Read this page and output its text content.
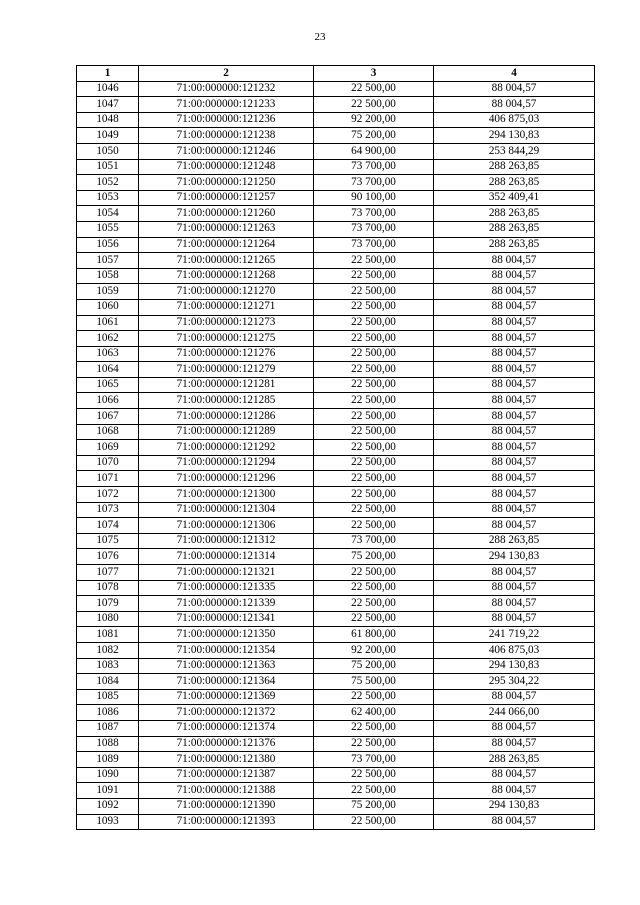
23
1	2	3	4
1046	71:00:000000:121232	22 500,00	88 004,57
1047	71:00:000000:121233	22 500,00	88 004,57
1048	71:00:000000:121236	92 200,00	406 875,03
1049	71:00:000000:121238	75 200,00	294 130,83
1050	71:00:000000:121246	64 900,00	253 844,29
1051	71:00:000000:121248	73 700,00	288 263,85
1052	71:00:000000:121250	73 700,00	288 263,85
1053	71:00:000000:121257	90 100,00	352 409,41
1054	71:00:000000:121260	73 700,00	288 263,85
1055	71:00:000000:121263	73 700,00	288 263,85
1056	71:00:000000:121264	73 700,00	288 263,85
1057	71:00:000000:121265	22 500,00	88 004,57
1058	71:00:000000:121268	22 500,00	88 004,57
1059	71:00:000000:121270	22 500,00	88 004,57
1060	71:00:000000:121271	22 500,00	88 004,57
1061	71:00:000000:121273	22 500,00	88 004,57
1062	71:00:000000:121275	22 500,00	88 004,57
1063	71:00:000000:121276	22 500,00	88 004,57
1064	71:00:000000:121279	22 500,00	88 004,57
1065	71:00:000000:121281	22 500,00	88 004,57
1066	71:00:000000:121285	22 500,00	88 004,57
1067	71:00:000000:121286	22 500,00	88 004,57
1068	71:00:000000:121289	22 500,00	88 004,57
1069	71:00:000000:121292	22 500,00	88 004,57
1070	71:00:000000:121294	22 500,00	88 004,57
1071	71:00:000000:121296	22 500,00	88 004,57
1072	71:00:000000:121300	22 500,00	88 004,57
1073	71:00:000000:121304	22 500,00	88 004,57
1074	71:00:000000:121306	22 500,00	88 004,57
1075	71:00:000000:121312	73 700,00	288 263,85
1076	71:00:000000:121314	75 200,00	294 130,83
1077	71:00:000000:121321	22 500,00	88 004,57
1078	71:00:000000:121335	22 500,00	88 004,57
1079	71:00:000000:121339	22 500,00	88 004,57
1080	71:00:000000:121341	22 500,00	88 004,57
1081	71:00:000000:121350	61 800,00	241 719,22
1082	71:00:000000:121354	92 200,00	406 875,03
1083	71:00:000000:121363	75 200,00	294 130,83
1084	71:00:000000:121364	75 500,00	295 304,22
1085	71:00:000000:121369	22 500,00	88 004,57
1086	71:00:000000:121372	62 400,00	244 066,00
1087	71:00:000000:121374	22 500,00	88 004,57
1088	71:00:000000:121376	22 500,00	88 004,57
1089	71:00:000000:121380	73 700,00	288 263,85
1090	71:00:000000:121387	22 500,00	88 004,57
1091	71:00:000000:121388	22 500,00	88 004,57
1092	71:00:000000:121390	75 200,00	294 130,83
1093	71:00:000000:121393	22 500,00	88 004,57
